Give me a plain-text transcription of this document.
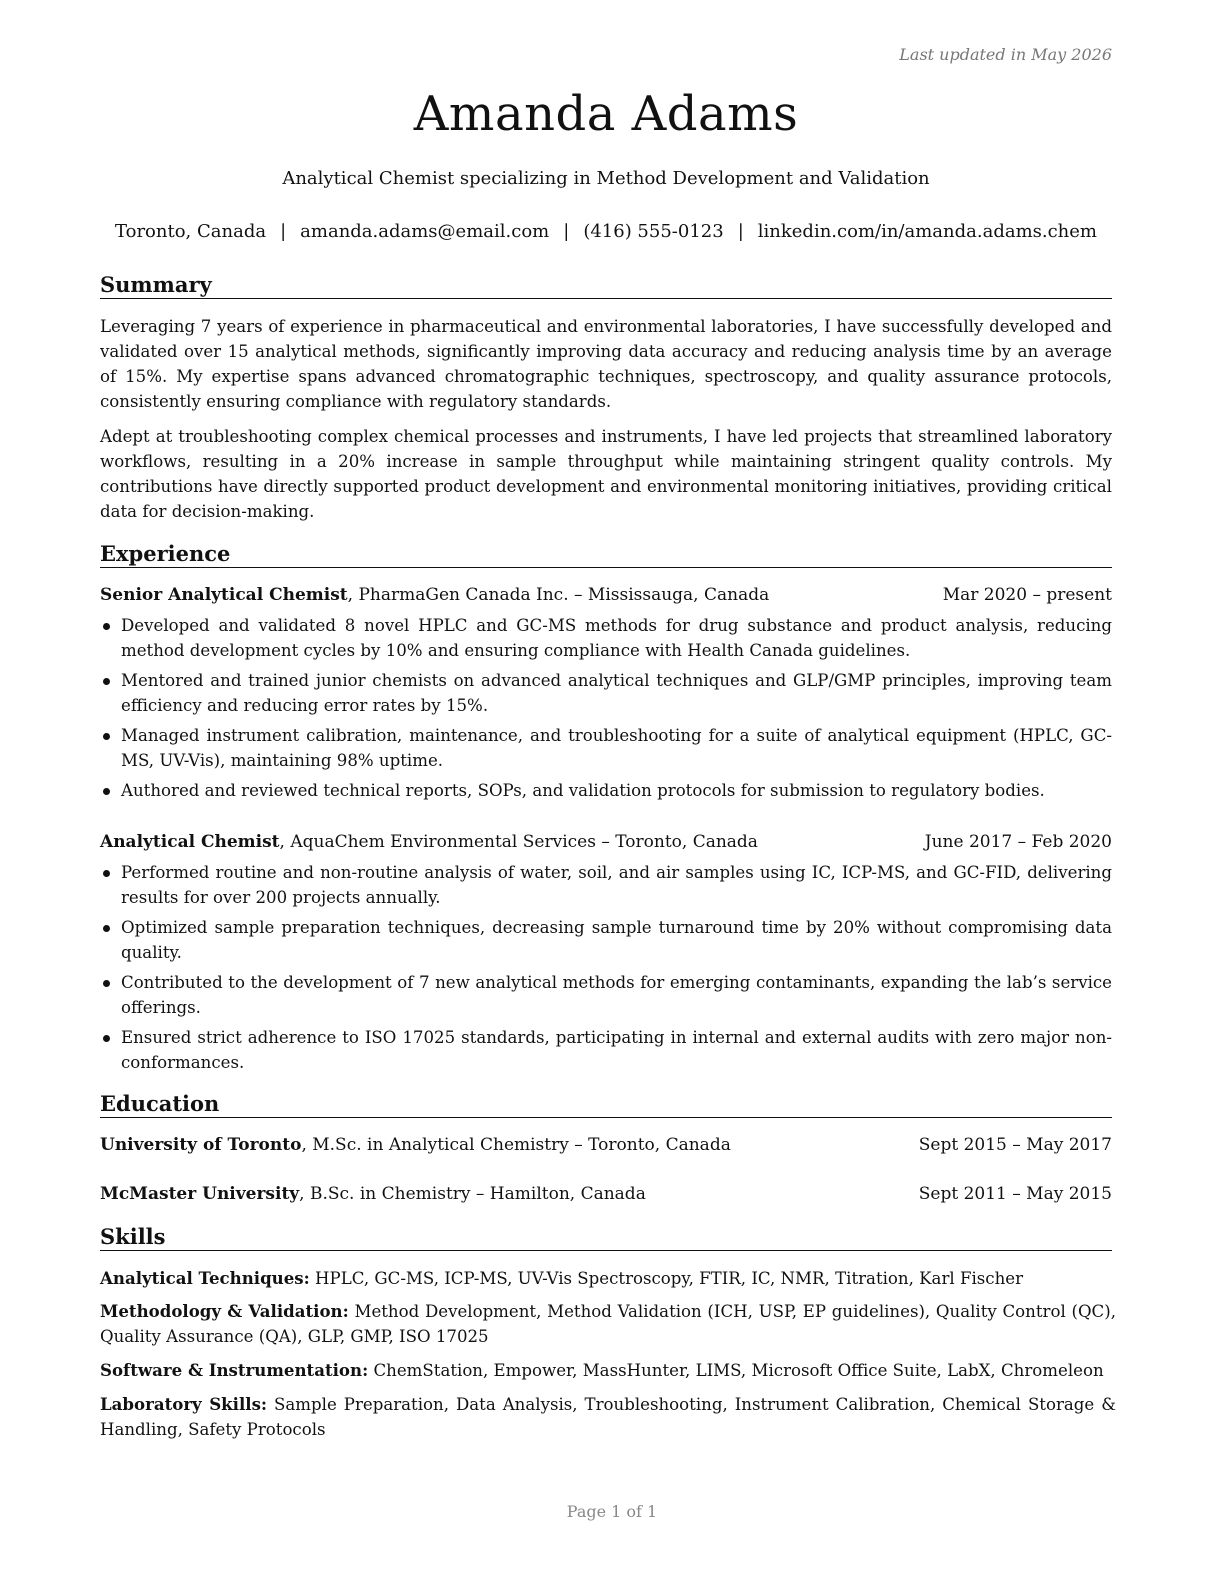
Last updated in May 2026
Amanda Adams
Analytical Chemist specializing in Method Development and Validation
Toronto, Canada | amanda.adams@email.com | (416) 555-0123 | linkedin.com/in/amanda.adams.chem
Summary
Leveraging 7 years of experience in pharmaceutical and environmental laboratories, I have successfully developed and validated over 15 analytical methods, significantly improving data accuracy and reducing analysis time by an average of 15%. My expertise spans advanced chromatographic techniques, spectroscopy, and quality assurance protocols, consistently ensuring compliance with regulatory standards.
Adept at troubleshooting complex chemical processes and instruments, I have led projects that streamlined laboratory workflows, resulting in a 20% increase in sample throughput while maintaining stringent quality controls. My contributions have directly supported product development and environmental monitoring initiatives, providing critical data for decision-making.
Experience
Senior Analytical Chemist, PharmaGen Canada Inc. – Mississauga, Canada	Mar 2020 – present
Developed and validated 8 novel HPLC and GC-MS methods for drug substance and product analysis, reducing method development cycles by 10% and ensuring compliance with Health Canada guidelines.
Mentored and trained junior chemists on advanced analytical techniques and GLP/GMP principles, improving team efficiency and reducing error rates by 15%.
Managed instrument calibration, maintenance, and troubleshooting for a suite of analytical equipment (HPLC, GC-MS, UV-Vis), maintaining 98% uptime.
Authored and reviewed technical reports, SOPs, and validation protocols for submission to regulatory bodies.
Analytical Chemist, AquaChem Environmental Services – Toronto, Canada	June 2017 – Feb 2020
Performed routine and non-routine analysis of water, soil, and air samples using IC, ICP-MS, and GC-FID, delivering results for over 200 projects annually.
Optimized sample preparation techniques, decreasing sample turnaround time by 20% without compromising data quality.
Contributed to the development of 7 new analytical methods for emerging contaminants, expanding the lab’s service offerings.
Ensured strict adherence to ISO 17025 standards, participating in internal and external audits with zero major non-conformances.
Education
University of Toronto, M.Sc. in Analytical Chemistry – Toronto, Canada	Sept 2015 – May 2017
McMaster University, B.Sc. in Chemistry – Hamilton, Canada	Sept 2011 – May 2015
Skills
Analytical Techniques: HPLC, GC-MS, ICP-MS, UV-Vis Spectroscopy, FTIR, IC, NMR, Titration, Karl Fischer
Methodology & Validation: Method Development, Method Validation (ICH, USP, EP guidelines), Quality Control (QC), Quality Assurance (QA), GLP, GMP, ISO 17025
Software & Instrumentation: ChemStation, Empower, MassHunter, LIMS, Microsoft Office Suite, LabX, Chromeleon
Laboratory Skills: Sample Preparation, Data Analysis, Troubleshooting, Instrument Calibration, Chemical Storage & Handling, Safety Protocols
Page 1 of 1
